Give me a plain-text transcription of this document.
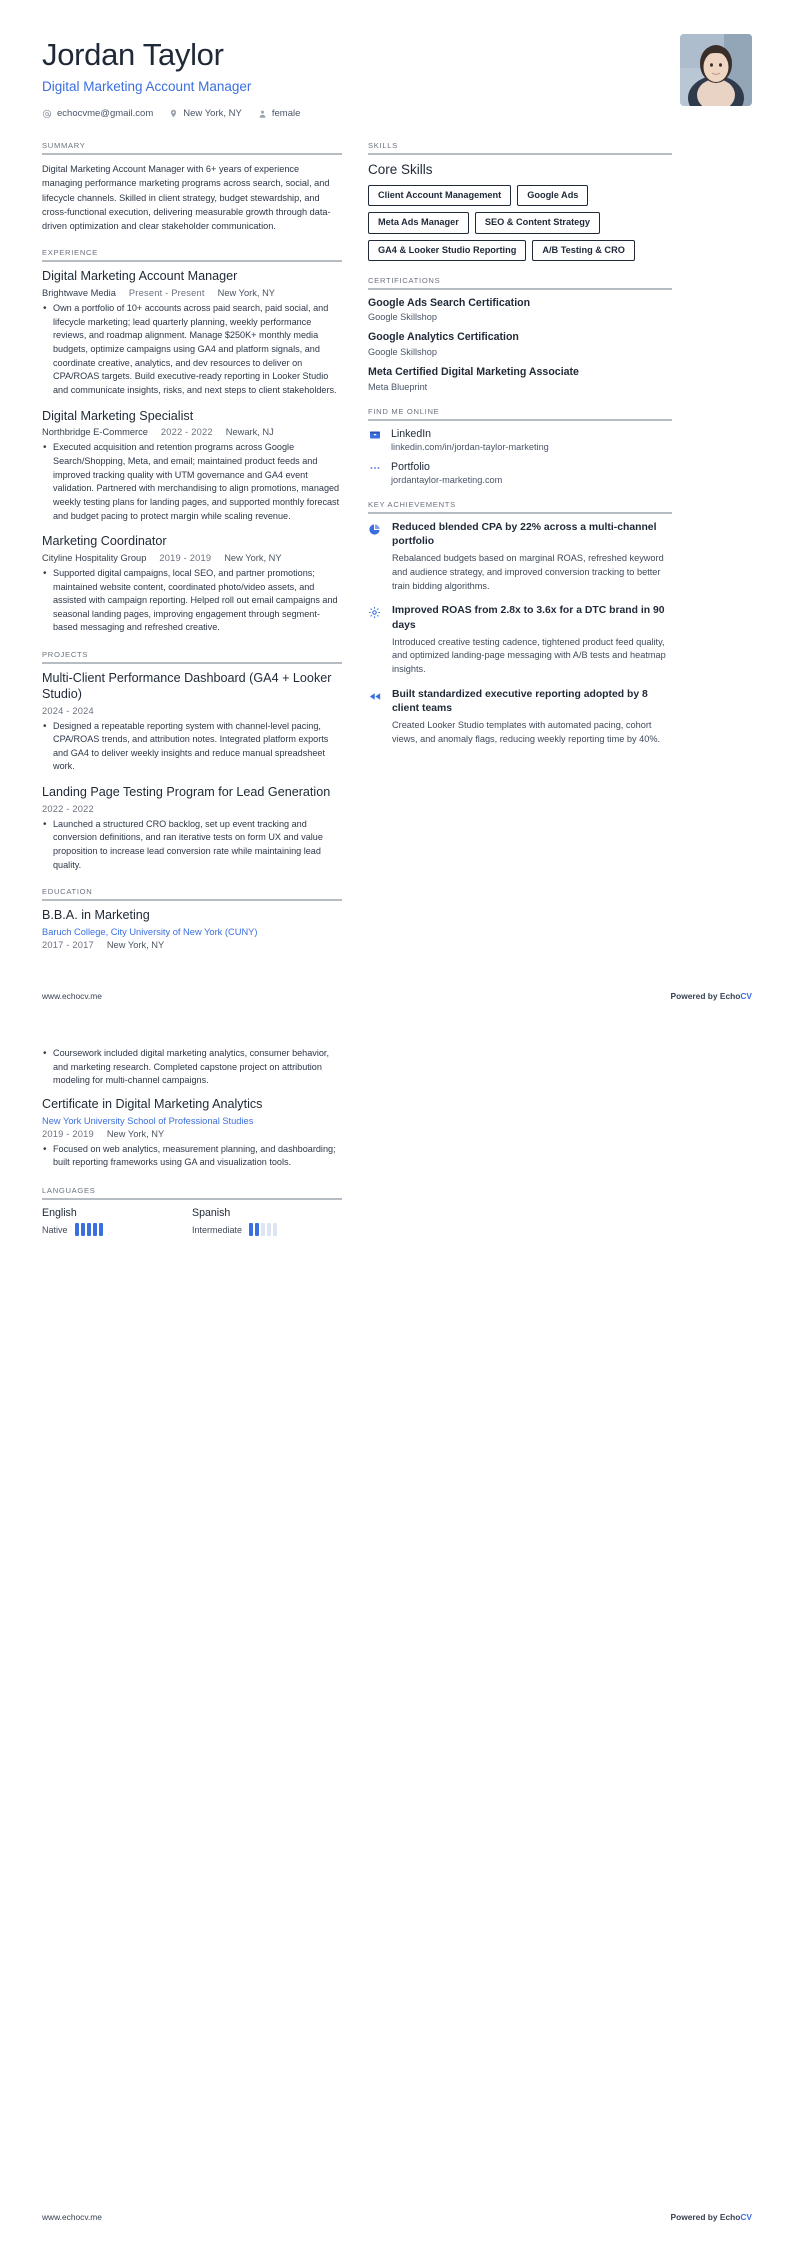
Jordan Taylor
Digital Marketing Account Manager
echocvme@gmail.com	New York, NY	female
SUMMARY
Digital Marketing Account Manager with 6+ years of experience managing performance marketing programs across search, social, and lifecycle channels. Skilled in client strategy, budget stewardship, and cross-functional execution, delivering measurable growth through data-driven optimization and clear stakeholder communication.
EXPERIENCE
Digital Marketing Account Manager
Brightwave Media Present - Present New York, NY
• Own a portfolio of 10+ accounts across paid search, paid social, and lifecycle marketing; lead quarterly planning, weekly performance reviews, and roadmap alignment. Manage $250K+ monthly media budgets, optimize campaigns using GA4 and platform signals, and coordinate creative, analytics, and dev resources to deliver on CPA/ROAS targets. Build executive-ready reporting in Looker Studio and communicate insights, risks, and next steps to client stakeholders.
Digital Marketing Specialist
Northbridge E-Commerce 2022 - 2022 Newark, NJ
• Executed acquisition and retention programs across Google Search/Shopping, Meta, and email; maintained product feeds and improved tracking quality with UTM governance and GA4 event validation. Partnered with merchandising to align promotions, managed weekly testing plans for landing pages, and supported monthly forecast and budget pacing to protect margin while scaling revenue.
Marketing Coordinator
Cityline Hospitality Group 2019 - 2019 New York, NY
• Supported digital campaigns, local SEO, and partner promotions; maintained website content, coordinated photo/video assets, and assisted with campaign reporting. Helped roll out email campaigns and seasonal landing pages, improving engagement through segment-based messaging and refreshed creative.
PROJECTS
Multi-Client Performance Dashboard (GA4 + Looker Studio)
2024 - 2024
• Designed a repeatable reporting system with channel-level pacing, CPA/ROAS trends, and attribution notes. Integrated platform exports and GA4 to deliver weekly insights and reduce manual spreadsheet work.
Landing Page Testing Program for Lead Generation
2022 - 2022
• Launched a structured CRO backlog, set up event tracking and conversion definitions, and ran iterative tests on form UX and value proposition to increase lead conversion rate while maintaining lead quality.
EDUCATION
B.B.A. in Marketing
Baruch College, City University of New York (CUNY)
2017 - 2017 New York, NY
SKILLS
Core Skills
Client Account Management	Google Ads
Meta Ads Manager	SEO & Content Strategy
GA4 & Looker Studio Reporting	A/B Testing & CRO
CERTIFICATIONS
Google Ads Search Certification
Google Skillshop
Google Analytics Certification
Google Skillshop
Meta Certified Digital Marketing Associate
Meta Blueprint
FIND ME ONLINE
LinkedIn
linkedin.com/in/jordan-taylor-marketing
Portfolio
jordantaylor-marketing.com
KEY ACHIEVEMENTS
Reduced blended CPA by 22% across a multi-channel portfolio
Rebalanced budgets based on marginal ROAS, refreshed keyword and audience strategy, and improved conversion tracking to better train bidding algorithms.
Improved ROAS from 2.8x to 3.6x for a DTC brand in 90 days
Introduced creative testing cadence, tightened product feed quality, and optimized landing-page messaging with A/B tests and heatmap insights.
Built standardized executive reporting adopted by 8 client teams
Created Looker Studio templates with automated pacing, cohort views, and anomaly flags, reducing weekly reporting time by 40%.
www.echocv.me	Powered by EchoCV
• Coursework included digital marketing analytics, consumer behavior, and marketing research. Completed capstone project on attribution modeling for multi-channel campaigns.
Certificate in Digital Marketing Analytics
New York University School of Professional Studies
2019 - 2019 New York, NY
• Focused on web analytics, measurement planning, and dashboarding; built reporting frameworks using GA and visualization tools.
LANGUAGES
English
Native
Spanish
Intermediate
www.echocv.me	Powered by EchoCV
